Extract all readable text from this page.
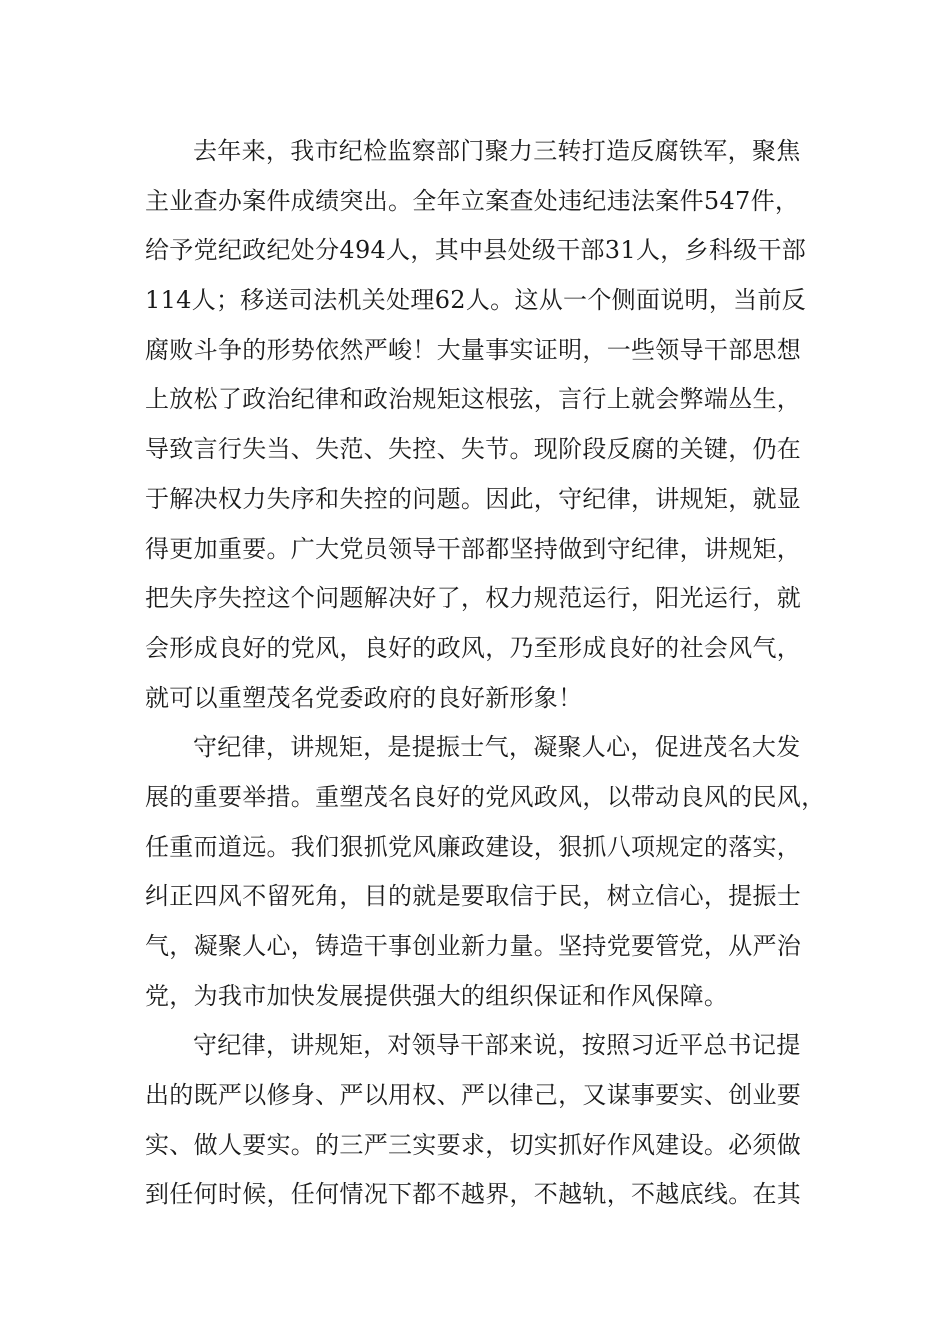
去年来，我市纪检监察部门聚力三转打造反腐铁军，聚焦
主业查办案件成绩突出。全年立案查处违纪违法案件547件，
给予党纪政纪处分494人，其中县处级干部31人，乡科级干部
114人；移送司法机关处理62人。这从一个侧面说明，当前反
腐败斗争的形势依然严峻！大量事实证明，一些领导干部思想
上放松了政治纪律和政治规矩这根弦，言行上就会弊端丛生，
导致言行失当、失范、失控、失节。现阶段反腐的关键，仍在
于解决权力失序和失控的问题。因此，守纪律，讲规矩，就显
得更加重要。广大党员领导干部都坚持做到守纪律，讲规矩，
把失序失控这个问题解决好了，权力规范运行，阳光运行，就
会形成良好的党风，良好的政风，乃至形成良好的社会风气，
就可以重塑茂名党委政府的良好新形象！
守纪律，讲规矩，是提振士气，凝聚人心，促进茂名大发
展的重要举措。重塑茂名良好的党风政风，以带动良风的民风，
任重而道远。我们狠抓党风廉政建设，狠抓八项规定的落实，
纠正四风不留死角，目的就是要取信于民，树立信心，提振士
气，凝聚人心，铸造干事创业新力量。坚持党要管党，从严治
党，为我市加快发展提供强大的组织保证和作风保障。
守纪律，讲规矩，对领导干部来说，按照习近平总书记提
出的既严以修身、严以用权、严以律己，又谋事要实、创业要
实、做人要实。的三严三实要求，切实抓好作风建设。必须做
到任何时候，任何情况下都不越界，不越轨，不越底线。在其
